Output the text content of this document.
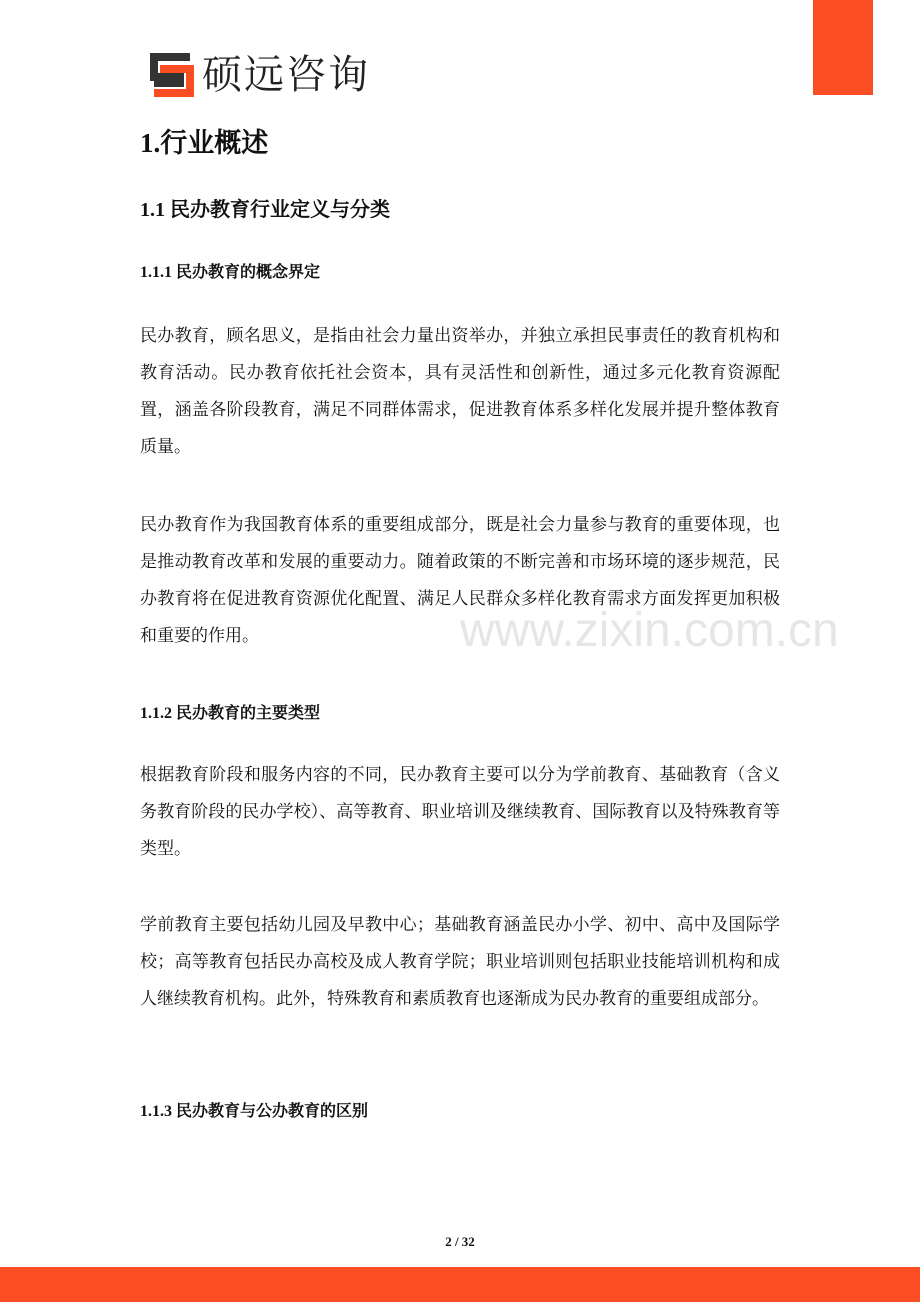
硕远咨询
1.行业概述
1.1 民办教育行业定义与分类
1.1.1 民办教育的概念界定

民办教育，顾名思义，是指由社会力量出资举办，并独立承担民事责任的教育机构和教育活动。民办教育依托社会资本，具有灵活性和创新性，通过多元化教育资源配置，涵盖各阶段教育，满足不同群体需求，促进教育体系多样化发展并提升整体教育质量。

民办教育作为我国教育体系的重要组成部分，既是社会力量参与教育的重要体现，也是推动教育改革和发展的重要动力。随着政策的不断完善和市场环境的逐步规范，民办教育将在促进教育资源优化配置、满足人民群众多样化教育需求方面发挥更加积极和重要的作用。

1.1.2 民办教育的主要类型

根据教育阶段和服务内容的不同，民办教育主要可以分为学前教育、基础教育（含义务教育阶段的民办学校）、高等教育、职业培训及继续教育、国际教育以及特殊教育等类型。

学前教育主要包括幼儿园及早教中心；基础教育涵盖民办小学、初中、高中及国际学校；高等教育包括民办高校及成人教育学院；职业培训则包括职业技能培训机构和成人继续教育机构。此外，特殊教育和素质教育也逐渐成为民办教育的重要组成部分。

1.1.3 民办教育与公办教育的区别
www.zixin.com.cn
2 / 32
